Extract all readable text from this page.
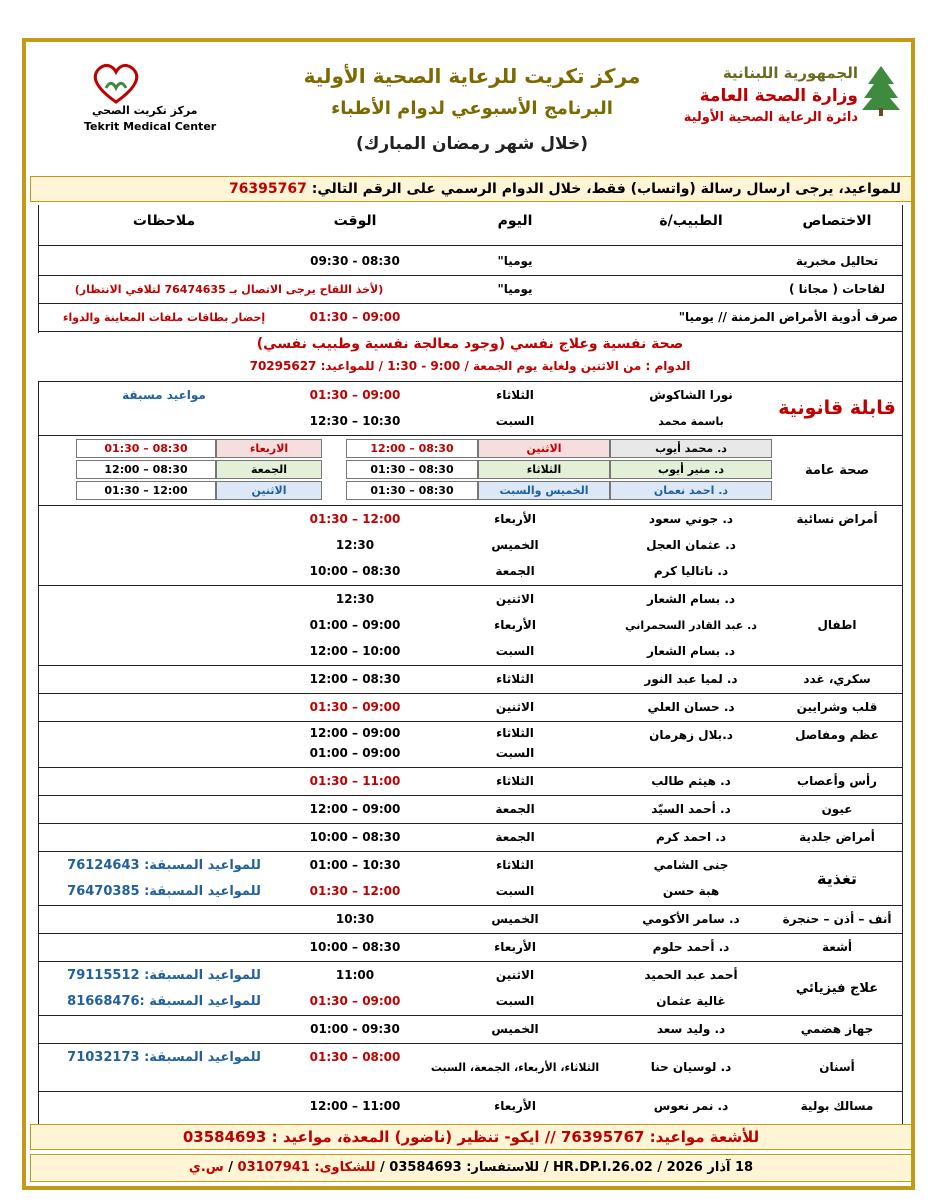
الجمهورية اللبنانية
وزارة الصحة العامة
دائرة الرعاية الصحية الأولية
مركز تكريت للرعاية الصحية الأولية
البرنامج الأسبوعي لدوام الأطباء
(خلال شهر رمضان المبارك)
مركز تكريت الصحي
Tekrit Medical Center
للمواعيد، يرجى ارسال رسالة (واتساب) فقط، خلال الدوام الرسمي على الرقم التالي: 76395767
الاختصاص
الطبيب/ة
اليوم
الوقت
ملاحظات
تحاليل مخبرية
يوميا"
08:30 - 09:30
لقاحات ( مجانا )
يوميا"
(لأخذ اللقاح يرجى الاتصال بـ 76474635 لتلافي الانتظار)
صرف أدوية الأمراض المزمنة // يوميا"
09:00 – 01:30
إحضار بطاقات ملفات المعاينة والدواء
صحة نفسية وعلاج نفسي (وجود معالجة نفسية وطبيب نفسي)
الدوام : من الاثنين ولغاية يوم الجمعة / 9:00 - 1:30 / للمواعيد: 70295627
قابلة قانونية
نورا الشاكوش
الثلاثاء
09:00 – 01:30
مواعيد مسبقة
باسمة محمد
السبت
10:30 – 12:30
صحة عامة
د. محمد أيوب
د. منير أيوب
د. احمد نعمان
الاثنين
الثلاثاء
الخميس والسبت
08:30 – 12:00
08:30 – 01:30
08:30 – 01:30
الاربعاء
الجمعة
الاثنين
08:30 – 01:30
08:30 – 12:00
12:00 – 01:30
أمراض نسائية
د. جوني سعود
الأربعاء
12:00 – 01:30
د. عثمان العجل
الخميس
12:30
د. ناتاليا كرم
الجمعة
08:30 – 10:00
اطفال
د. بسام الشعار
الاثنين
12:30
د. عبد القادر السحمراني
الأربعاء
09:00 – 01:00
د. بسام الشعار
السبت
10:00 – 12:00
سكري، غدد
د. لميا عبد النور
الثلاثاء
08:30 – 12:00
قلب وشرايين
د. حسان العلي
الاثنين
09:00 – 01:30
عظم ومفاصل
د.بلال زهرمان
الثلاثاء
09:00 – 12:00
السبت
09:00 – 01:00
رأس وأعصاب
د. هيثم طالب
الثلاثاء
11:00 – 01:30
عيون
د. أحمد السيّد
الجمعة
09:00 – 12:00
أمراض جلدية
د. احمد كرم
الجمعة
08:30 – 10:00
تغذية
جنى الشامي
الثلاثاء
10:30 – 01:00
للمواعيد المسبقة: 76124643
هبة حسن
السبت
12:00 – 01:30
للمواعيد المسبقة: 76470385
أنف – أذن – حنجرة
د. سامر الأكومي
الخميس
10:30
أشعة
د. أحمد حلوم
الأربعاء
08:30 – 10:00
علاج فيزيائي
أحمد عبد الحميد
الاثنين
11:00
للمواعيد المسبقة: 79115512
غالية عثمان
السبت
09:00 – 01:30
للمواعيد المسبقة :81668476
جهاز هضمي
د. وليد سعد
الخميس
09:30 - 01:00
أسنان
د. لوسيان حنا
الثلاثاء، الأربعاء، الجمعة، السبت
08:00 – 01:30
للمواعيد المسبقة: 71032173
مسالك بولية
د. نمر نعوس
الأربعاء
11:00 – 12:00
للأشعة مواعيد: 76395767 // ايكو- تنظير (ناضور) المعدة، مواعيد : 03584693
18 آذار 2026 / HR.DP.I.26.02 / للاستفسار: 03584693 / للشكاوى: 03107941 / س.ي
